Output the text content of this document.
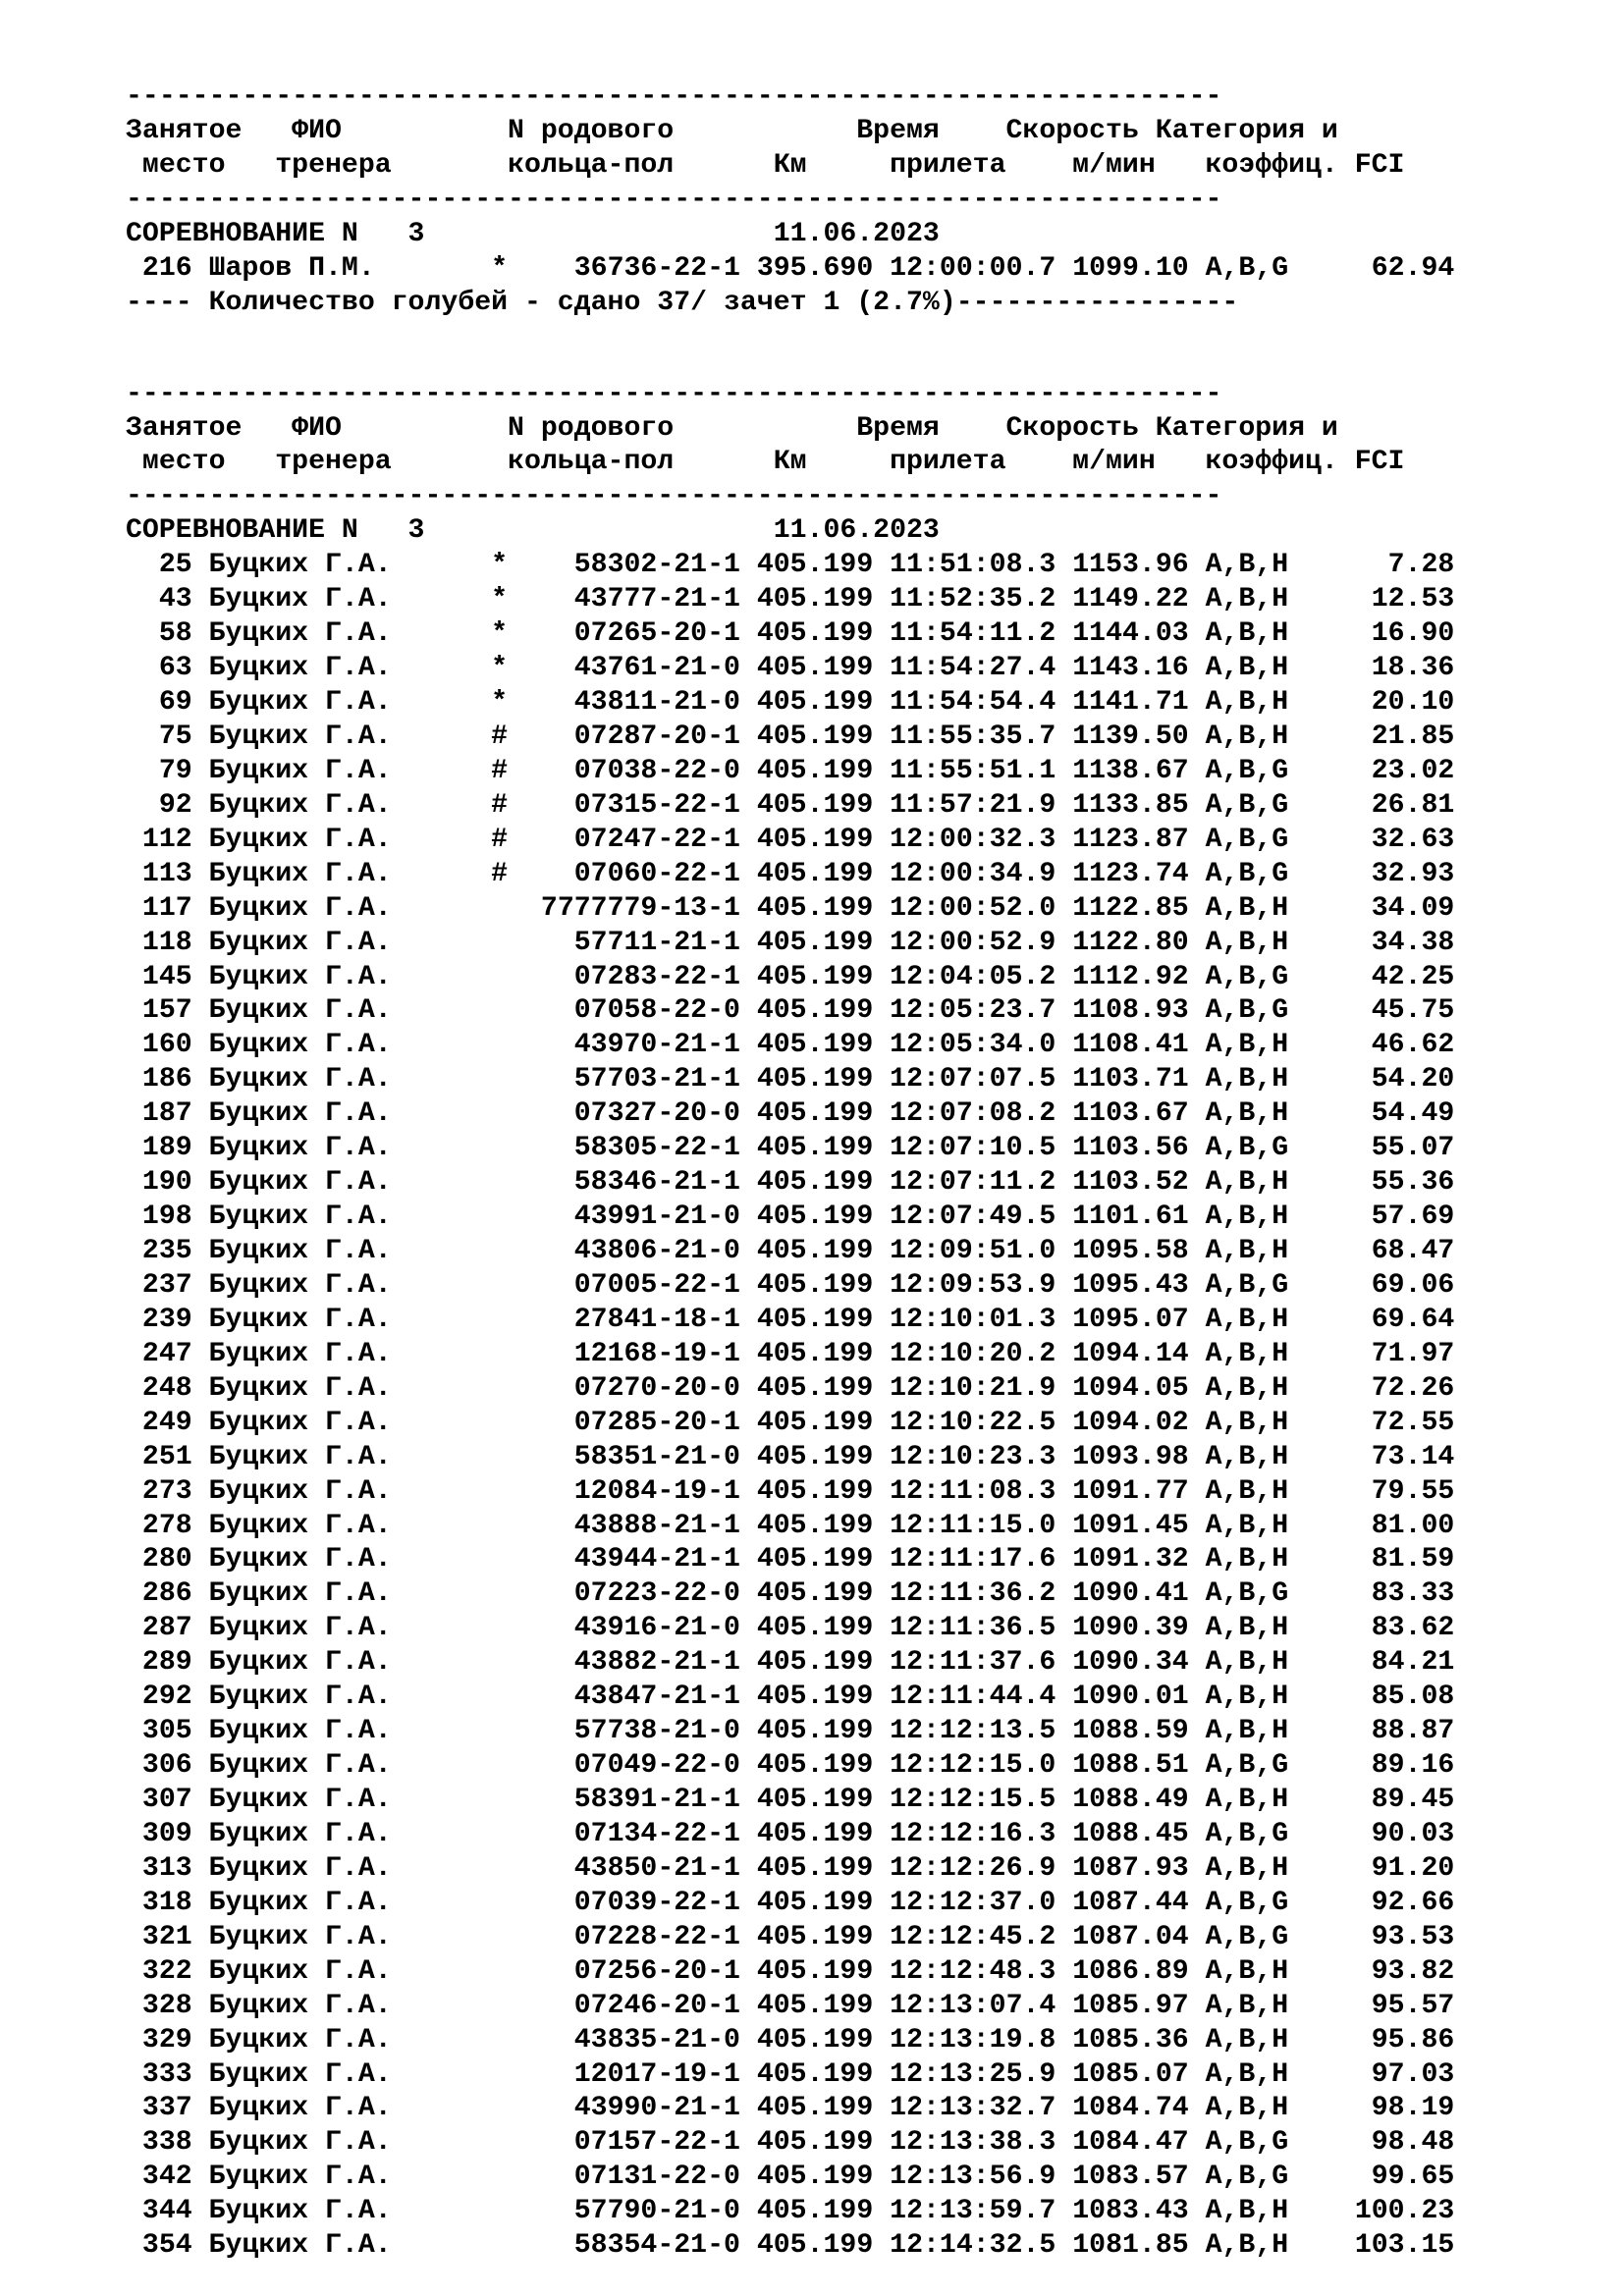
------------------------------------------------------------------
Занятое   ФИО          N родового           Время    Скорость Категория и
место   тренера       кольца-пол      Км     прилета    м/мин   коэффиц. FCI
------------------------------------------------------------------
СОРЕВНОВАНИЕ N   3                     11.06.2023
216 Шаров П.М.       *    36736-22-1 395.690 12:00:00.7 1099.10 A,B,G     62.94
---- Количество голубей - сдано 37/ зачет 1 (2.7%)-----------------
------------------------------------------------------------------
Занятое   ФИО          N родового           Время    Скорость Категория и
место   тренера       кольца-пол      Км     прилета    м/мин   коэффиц. FCI
------------------------------------------------------------------
СОРЕВНОВАНИЕ N   3                     11.06.2023
25 Буцких Г.А.      *    58302-21-1 405.199 11:51:08.3 1153.96 A,B,H      7.28
43 Буцких Г.А.      *    43777-21-1 405.199 11:52:35.2 1149.22 A,B,H     12.53
58 Буцких Г.А.      *    07265-20-1 405.199 11:54:11.2 1144.03 A,B,H     16.90
63 Буцких Г.А.      *    43761-21-0 405.199 11:54:27.4 1143.16 A,B,H     18.36
69 Буцких Г.А.      *    43811-21-0 405.199 11:54:54.4 1141.71 A,B,H     20.10
75 Буцких Г.А.      #    07287-20-1 405.199 11:55:35.7 1139.50 A,B,H     21.85
79 Буцких Г.А.      #    07038-22-0 405.199 11:55:51.1 1138.67 A,B,G     23.02
92 Буцких Г.А.      #    07315-22-1 405.199 11:57:21.9 1133.85 A,B,G     26.81
112 Буцких Г.А.      #    07247-22-1 405.199 12:00:32.3 1123.87 A,B,G     32.63
113 Буцких Г.А.      #    07060-22-1 405.199 12:00:34.9 1123.74 A,B,G     32.93
117 Буцких Г.А.	7777779-13-1 405.199 12:00:52.0 1122.85 A,B,H     34.09
118 Буцких Г.А.	57711-21-1 405.199 12:00:52.9 1122.80 A,B,H     34.38
145 Буцких Г.А.	07283-22-1 405.199 12:04:05.2 1112.92 A,B,G     42.25
157 Буцких Г.А.	07058-22-0 405.199 12:05:23.7 1108.93 A,B,G     45.75
160 Буцких Г.А.	43970-21-1 405.199 12:05:34.0 1108.41 A,B,H     46.62
186 Буцких Г.А.	57703-21-1 405.199 12:07:07.5 1103.71 A,B,H     54.20
187 Буцких Г.А.	07327-20-0 405.199 12:07:08.2 1103.67 A,B,H     54.49
189 Буцких Г.А.	58305-22-1 405.199 12:07:10.5 1103.56 A,B,G     55.07
190 Буцких Г.А.	58346-21-1 405.199 12:07:11.2 1103.52 A,B,H     55.36
198 Буцких Г.А.	43991-21-0 405.199 12:07:49.5 1101.61 A,B,H     57.69
235 Буцких Г.А.	43806-21-0 405.199 12:09:51.0 1095.58 A,B,H     68.47
237 Буцких Г.А.	07005-22-1 405.199 12:09:53.9 1095.43 A,B,G     69.06
239 Буцких Г.А.	27841-18-1 405.199 12:10:01.3 1095.07 A,B,H     69.64
247 Буцких Г.А.	12168-19-1 405.199 12:10:20.2 1094.14 A,B,H     71.97
248 Буцких Г.А.	07270-20-0 405.199 12:10:21.9 1094.05 A,B,H     72.26
249 Буцких Г.А.	07285-20-1 405.199 12:10:22.5 1094.02 A,B,H     72.55
251 Буцких Г.А.	58351-21-0 405.199 12:10:23.3 1093.98 A,B,H     73.14
273 Буцких Г.А.	12084-19-1 405.199 12:11:08.3 1091.77 A,B,H     79.55
278 Буцких Г.А.	43888-21-1 405.199 12:11:15.0 1091.45 A,B,H     81.00
280 Буцких Г.А.	43944-21-1 405.199 12:11:17.6 1091.32 A,B,H     81.59
286 Буцких Г.А.	07223-22-0 405.199 12:11:36.2 1090.41 A,B,G     83.33
287 Буцких Г.А.	43916-21-0 405.199 12:11:36.5 1090.39 A,B,H     83.62
289 Буцких Г.А.	43882-21-1 405.199 12:11:37.6 1090.34 A,B,H     84.21
292 Буцких Г.А.	43847-21-1 405.199 12:11:44.4 1090.01 A,B,H     85.08
305 Буцких Г.А.	57738-21-0 405.199 12:12:13.5 1088.59 A,B,H     88.87
306 Буцких Г.А.	07049-22-0 405.199 12:12:15.0 1088.51 A,B,G     89.16
307 Буцких Г.А.	58391-21-1 405.199 12:12:15.5 1088.49 A,B,H     89.45
309 Буцких Г.А.	07134-22-1 405.199 12:12:16.3 1088.45 A,B,G     90.03
313 Буцких Г.А.	43850-21-1 405.199 12:12:26.9 1087.93 A,B,H     91.20
318 Буцких Г.А.	07039-22-1 405.199 12:12:37.0 1087.44 A,B,G     92.66
321 Буцких Г.А.	07228-22-1 405.199 12:12:45.2 1087.04 A,B,G     93.53
322 Буцких Г.А.	07256-20-1 405.199 12:12:48.3 1086.89 A,B,H     93.82
328 Буцких Г.А.	07246-20-1 405.199 12:13:07.4 1085.97 A,B,H     95.57
329 Буцких Г.А.	43835-21-0 405.199 12:13:19.8 1085.36 A,B,H     95.86
333 Буцких Г.А.	12017-19-1 405.199 12:13:25.9 1085.07 A,B,H     97.03
337 Буцких Г.А.	43990-21-1 405.199 12:13:32.7 1084.74 A,B,H     98.19
338 Буцких Г.А.	07157-22-1 405.199 12:13:38.3 1084.47 A,B,G     98.48
342 Буцких Г.А.	07131-22-0 405.199 12:13:56.9 1083.57 A,B,G     99.65
344 Буцких Г.А.	57790-21-0 405.199 12:13:59.7 1083.43 A,B,H    100.23
354 Буцких Г.А.	58354-21-0 405.199 12:14:32.5 1081.85 A,B,H    103.15
